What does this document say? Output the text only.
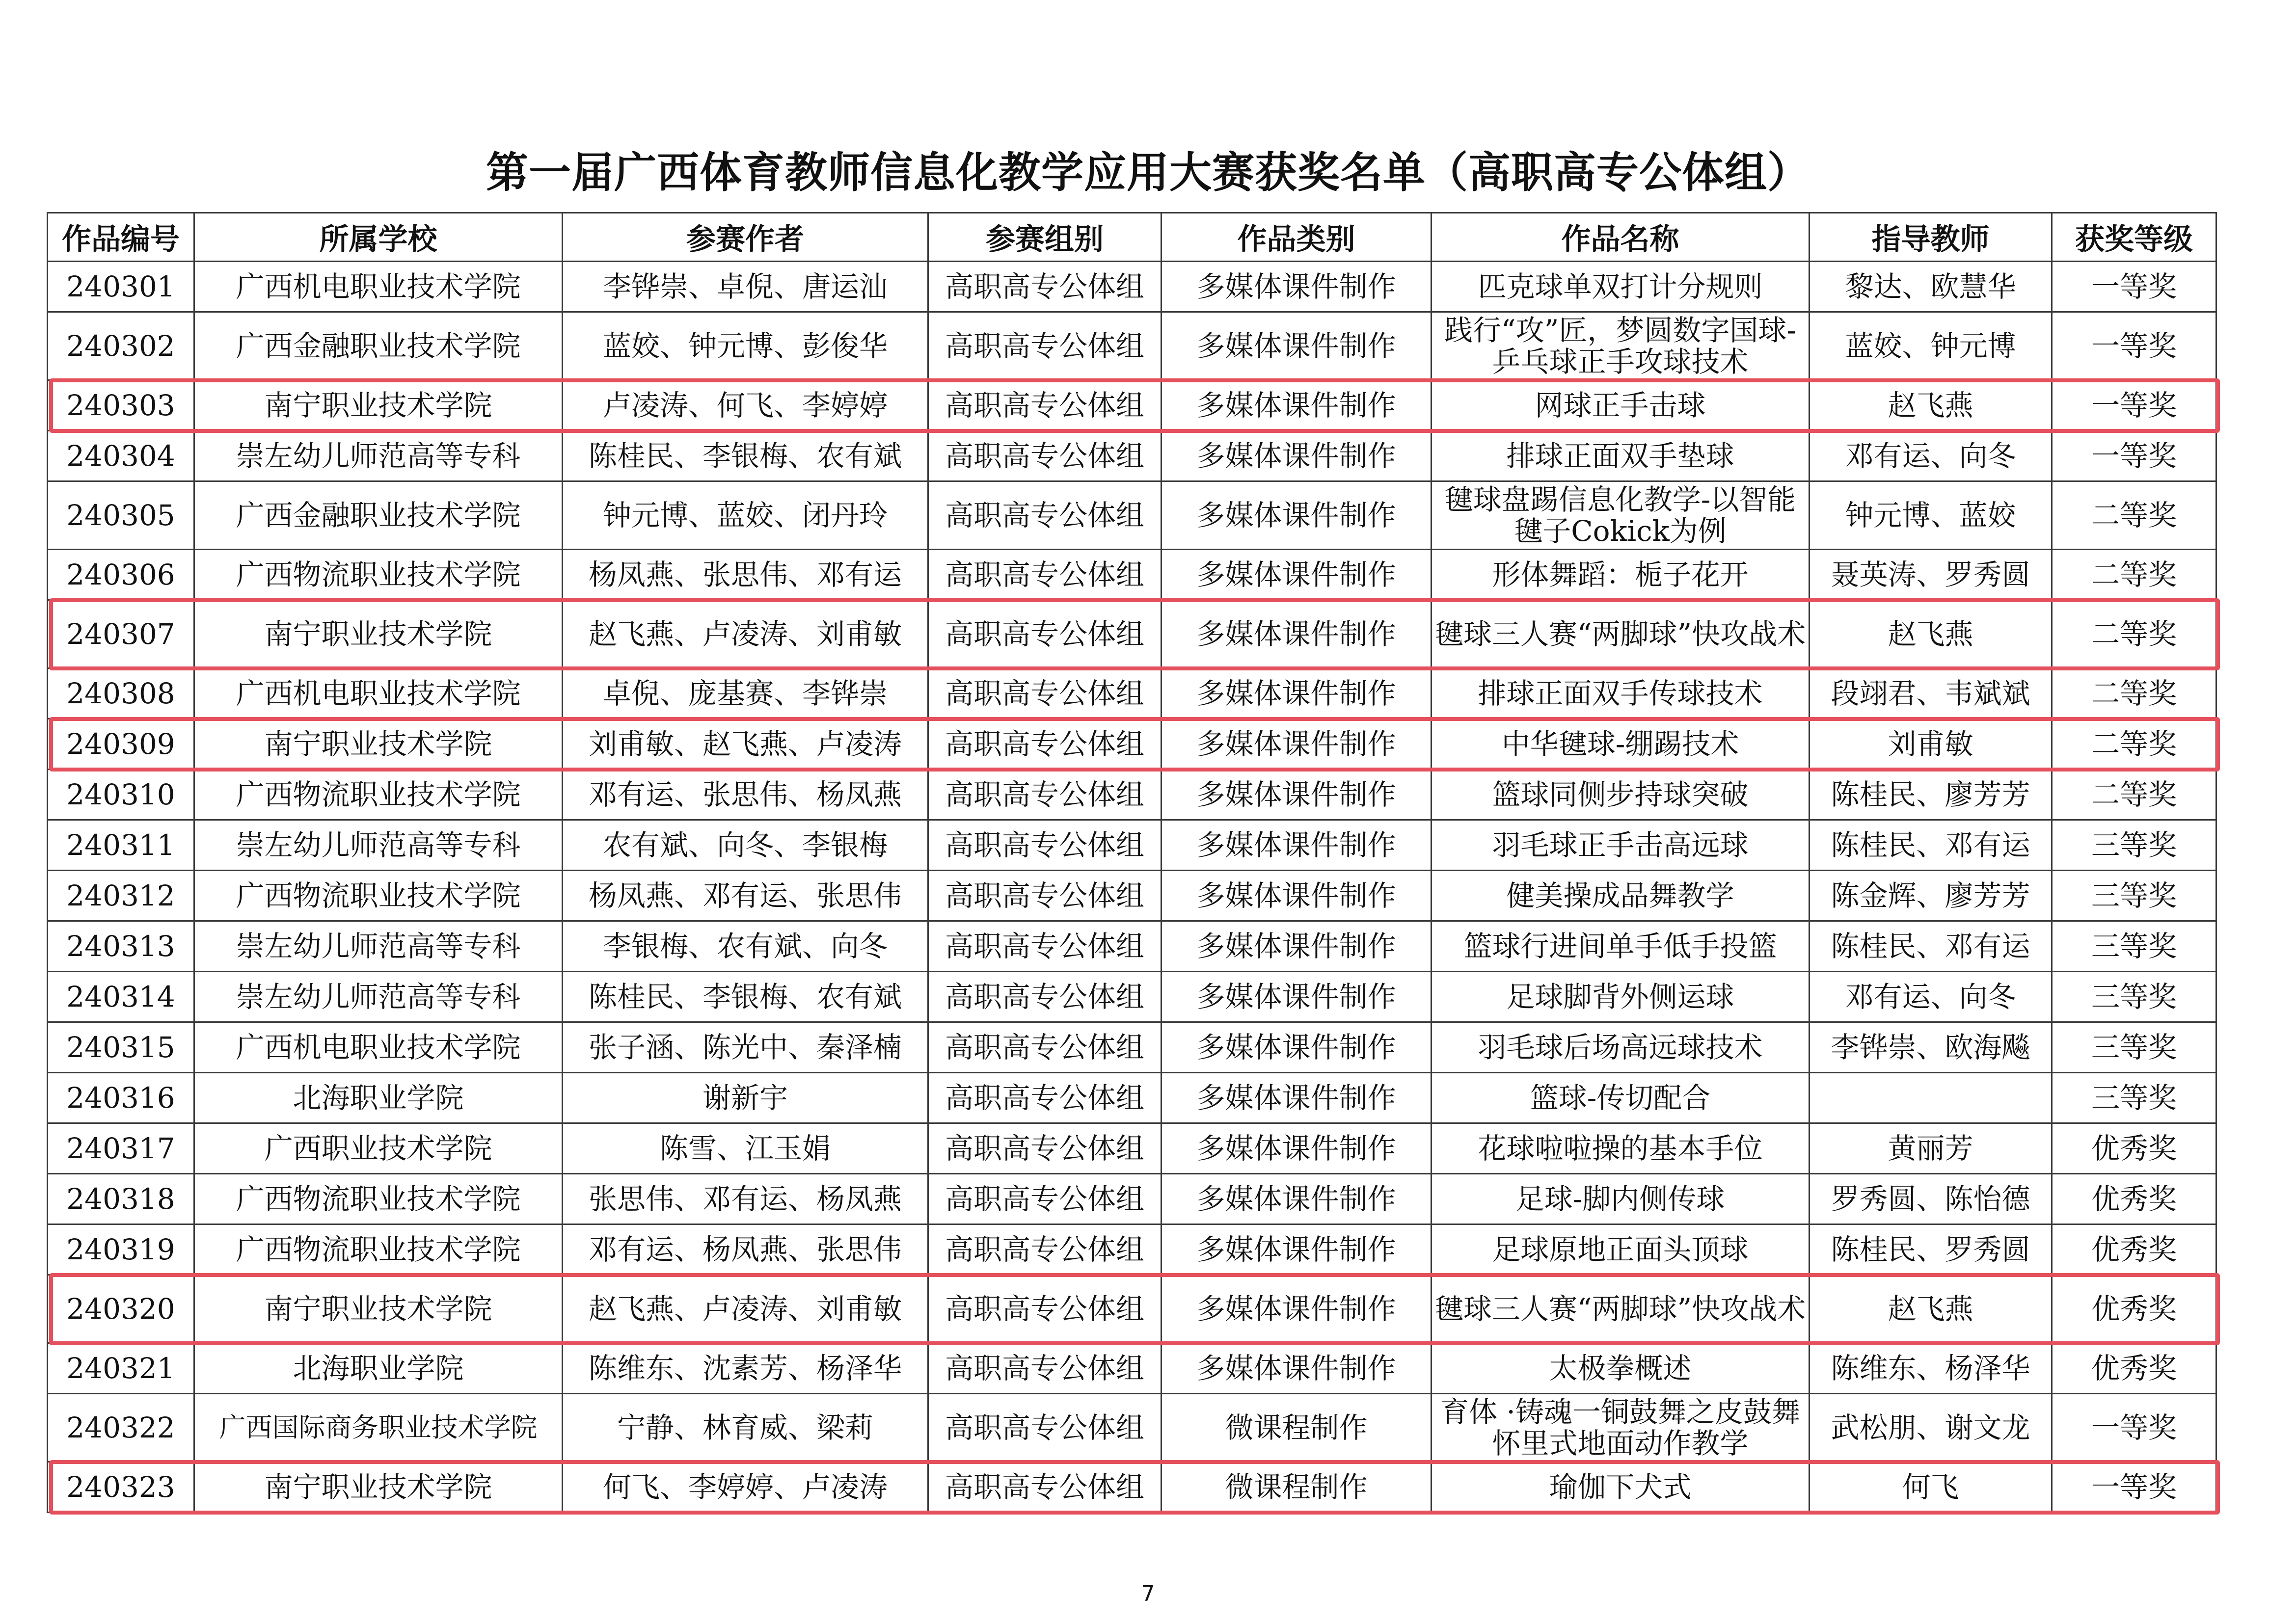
第一届广西体育教师信息化教学应用大赛获奖名单（高职高专公体组）
作品编号	所属学校	参赛作者	参赛组别	作品类别	作品名称	指导教师	获奖等级
240301	广西机电职业技术学院	李铧崇、卓倪、唐运汕	高职高专公体组	多媒体课件制作	匹克球单双打计分规则	黎达、欧慧华	一等奖
240302	广西金融职业技术学院	蓝姣、钟元博、彭俊华	高职高专公体组	多媒体课件制作	践行“攻”匠，梦圆数字国球-乒乓球正手攻球技术	蓝姣、钟元博	一等奖
240303	南宁职业技术学院	卢凌涛、何飞、李婷婷	高职高专公体组	多媒体课件制作	网球正手击球	赵飞燕	一等奖
240304	崇左幼儿师范高等专科	陈桂民、李银梅、农有斌	高职高专公体组	多媒体课件制作	排球正面双手垫球	邓有运、向冬	一等奖
240305	广西金融职业技术学院	钟元博、蓝姣、闭丹玲	高职高专公体组	多媒体课件制作	毽球盘踢信息化教学-以智能毽子Cokick为例	钟元博、蓝姣	二等奖
240306	广西物流职业技术学院	杨凤燕、张思伟、邓有运	高职高专公体组	多媒体课件制作	形体舞蹈：栀子花开	聂英涛、罗秀圆	二等奖
240307	南宁职业技术学院	赵飞燕、卢凌涛、刘甫敏	高职高专公体组	多媒体课件制作	毽球三人赛“两脚球”快攻战术	赵飞燕	二等奖
240308	广西机电职业技术学院	卓倪、庞基赛、李铧崇	高职高专公体组	多媒体课件制作	排球正面双手传球技术	段翊君、韦斌斌	二等奖
240309	南宁职业技术学院	刘甫敏、赵飞燕、卢凌涛	高职高专公体组	多媒体课件制作	中华毽球-绷踢技术	刘甫敏	二等奖
240310	广西物流职业技术学院	邓有运、张思伟、杨凤燕	高职高专公体组	多媒体课件制作	篮球同侧步持球突破	陈桂民、廖芳芳	二等奖
240311	崇左幼儿师范高等专科	农有斌、向冬、李银梅	高职高专公体组	多媒体课件制作	羽毛球正手击高远球	陈桂民、邓有运	三等奖
240312	广西物流职业技术学院	杨凤燕、邓有运、张思伟	高职高专公体组	多媒体课件制作	健美操成品舞教学	陈金辉、廖芳芳	三等奖
240313	崇左幼儿师范高等专科	李银梅、农有斌、向冬	高职高专公体组	多媒体课件制作	篮球行进间单手低手投篮	陈桂民、邓有运	三等奖
240314	崇左幼儿师范高等专科	陈桂民、李银梅、农有斌	高职高专公体组	多媒体课件制作	足球脚背外侧运球	邓有运、向冬	三等奖
240315	广西机电职业技术学院	张子涵、陈光中、秦泽楠	高职高专公体组	多媒体课件制作	羽毛球后场高远球技术	李铧崇、欧海飚	三等奖
240316	北海职业学院	谢新宇	高职高专公体组	多媒体课件制作	篮球-传切配合		三等奖
240317	广西职业技术学院	陈雪、江玉娟	高职高专公体组	多媒体课件制作	花球啦啦操的基本手位	黄丽芳	优秀奖
240318	广西物流职业技术学院	张思伟、邓有运、杨凤燕	高职高专公体组	多媒体课件制作	足球-脚内侧传球	罗秀圆、陈怡德	优秀奖
240319	广西物流职业技术学院	邓有运、杨凤燕、张思伟	高职高专公体组	多媒体课件制作	足球原地正面头顶球	陈桂民、罗秀圆	优秀奖
240320	南宁职业技术学院	赵飞燕、卢凌涛、刘甫敏	高职高专公体组	多媒体课件制作	毽球三人赛“两脚球”快攻战术	赵飞燕	优秀奖
240321	北海职业学院	陈维东、沈素芳、杨泽华	高职高专公体组	多媒体课件制作	太极拳概述	陈维东、杨泽华	优秀奖
240322	广西国际商务职业技术学院	宁静、林育威、梁莉	高职高专公体组	微课程制作	育体 ·铸魂一铜鼓舞之皮鼓舞怀里式地面动作教学	武松朋、谢文龙	一等奖
240323	南宁职业技术学院	何飞、李婷婷、卢凌涛	高职高专公体组	微课程制作	瑜伽下犬式	何飞	一等奖
7
